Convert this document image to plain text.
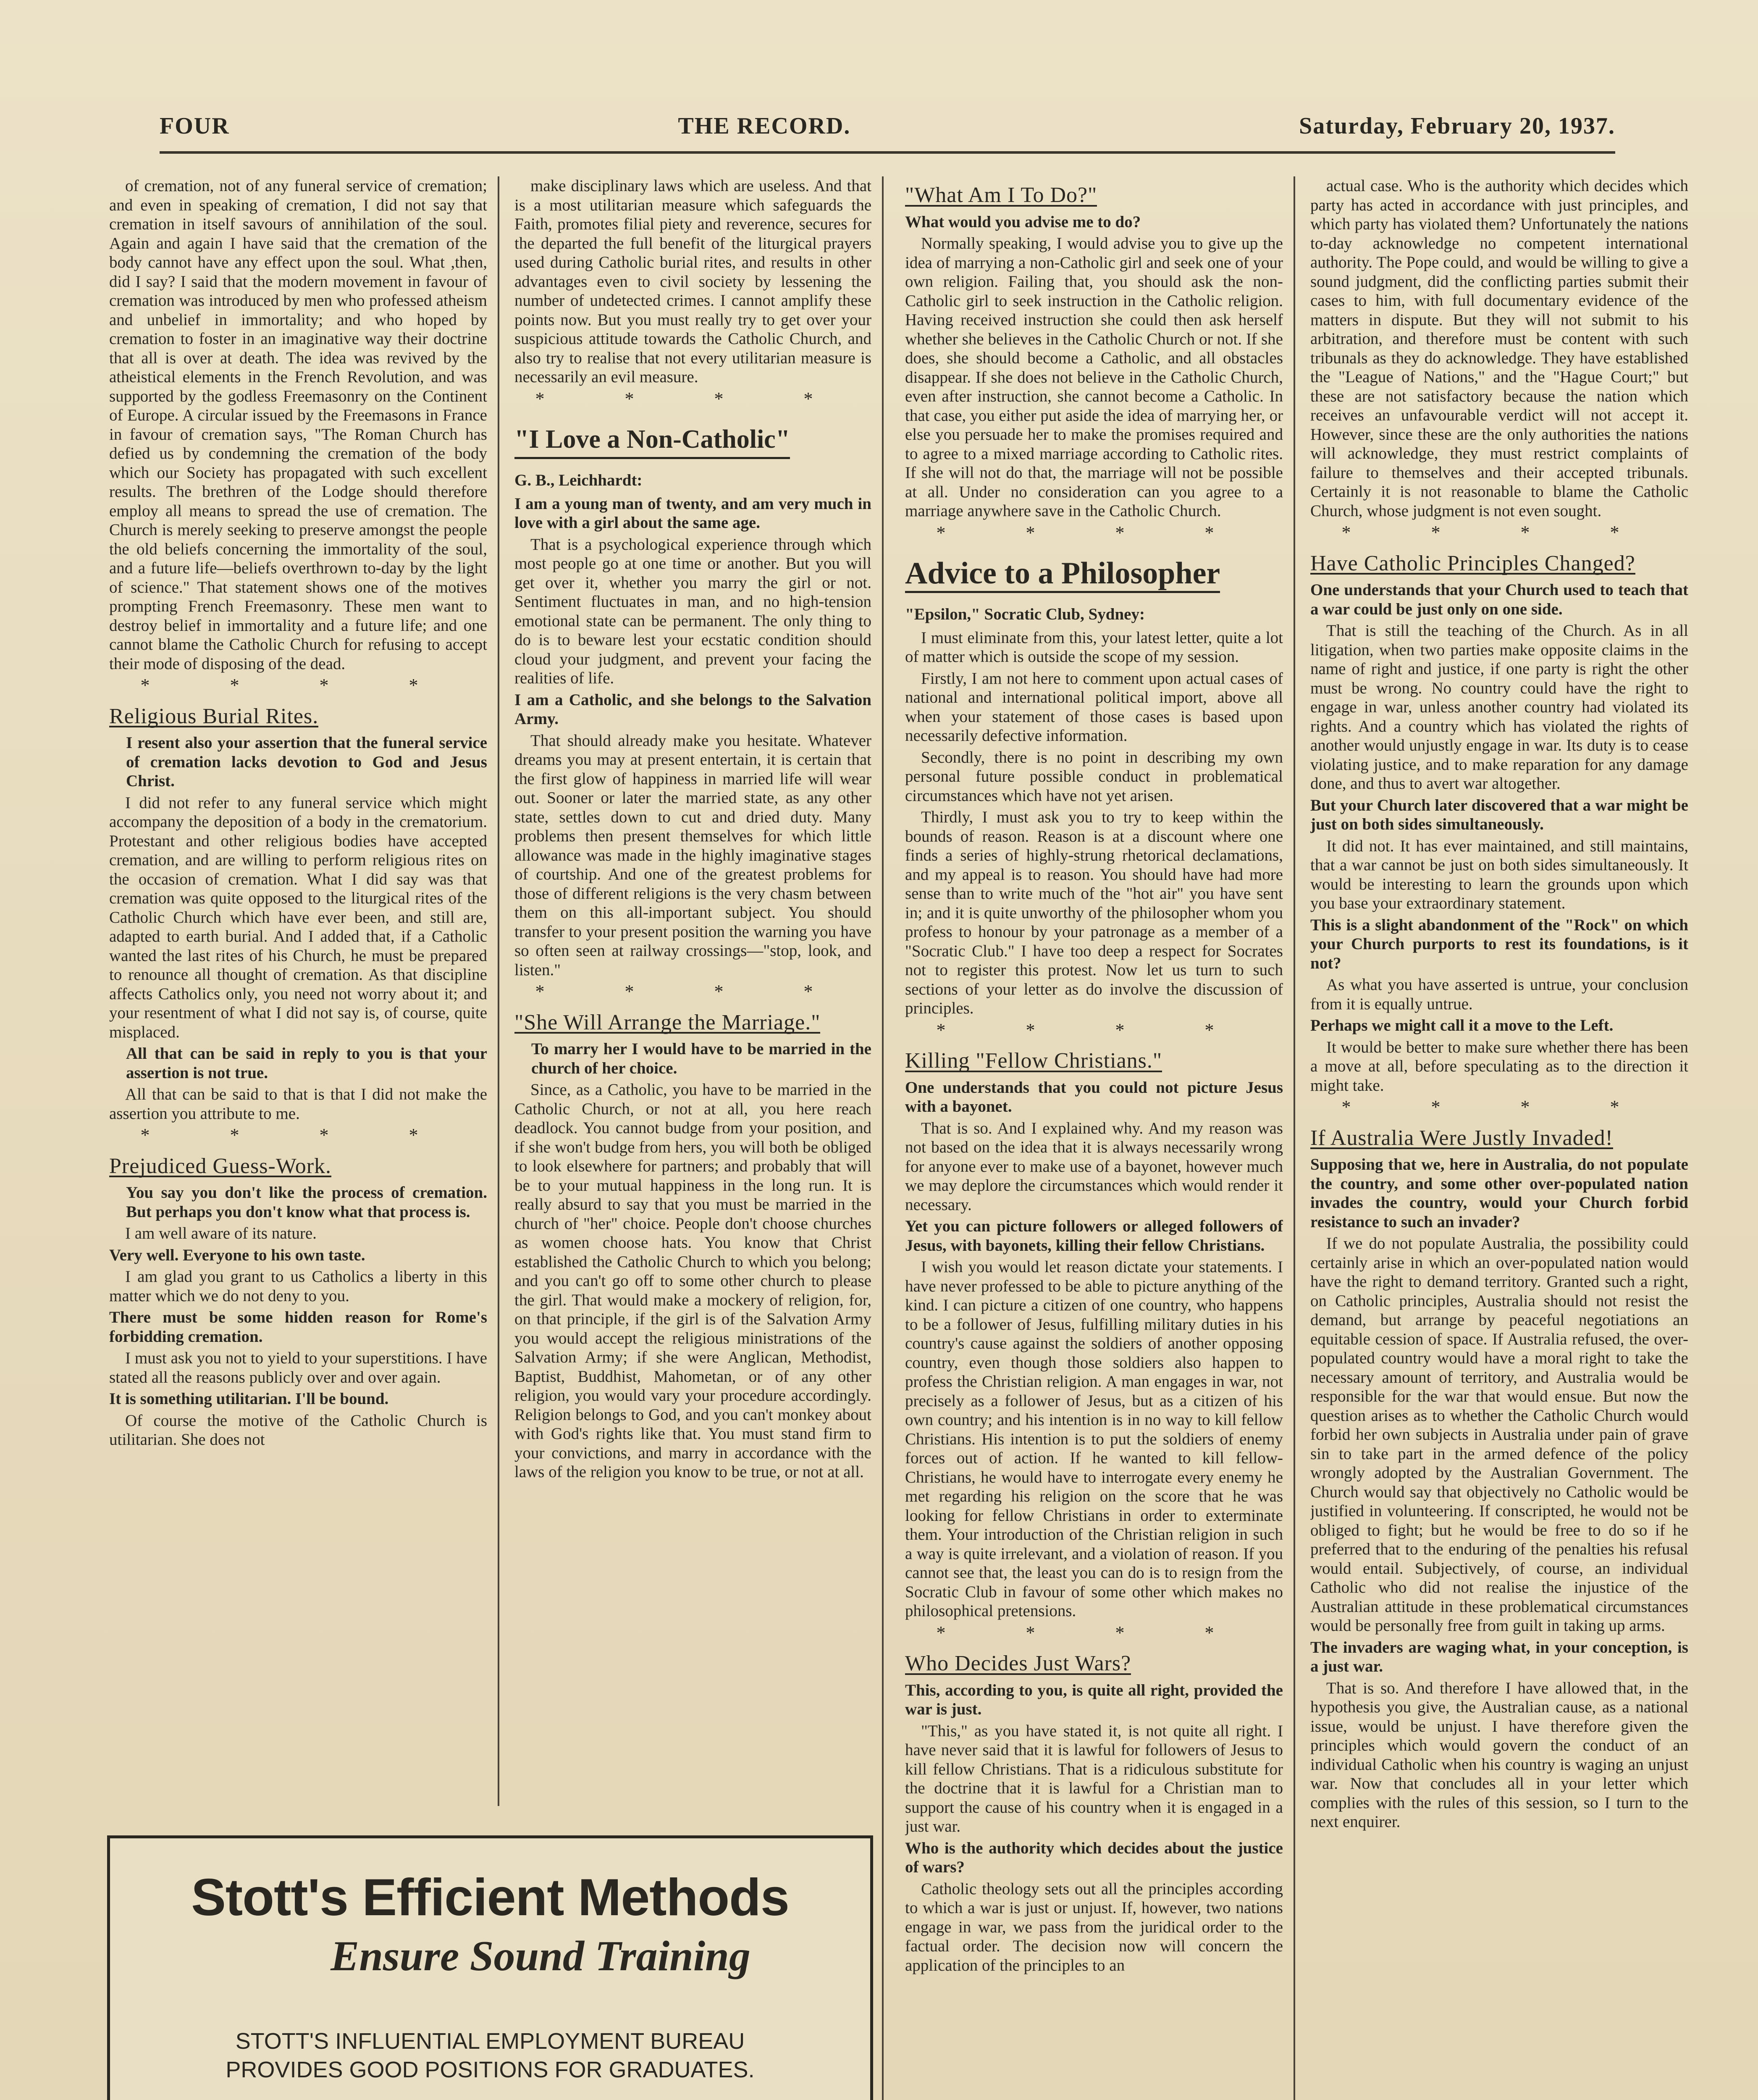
FOUR	THE RECORD.	Saturday, February 20, 1937.

of cremation, not of any funeral service of cremation; and even in speaking of cremation, I did not say that cremation in itself savours of annihilation of the soul. Again and again I have said that the cremation of the body cannot have any effect upon the soul. What ,then, did I say? I said that the modern movement in favour of cremation was introduced by men who professed atheism and unbelief in immortality; and who hoped by cremation to foster in an imaginative way their doctrine that all is over at death. The idea was revived by the atheistical elements in the French Revolution, and was supported by the godless Freemasonry on the Continent of Europe. A circular issued by the Freemasons in France in favour of cremation says, "The Roman Church has defied us by condemning the cremation of the body which our Society has propagated with such excellent results. The brethren of the Lodge should therefore employ all means to spread the use of cremation. The Church is merely seeking to preserve amongst the people the old beliefs concerning the immortality of the soul, and a future life—beliefs overthrown to-day by the light of science." That statement shows one of the motives prompting French Freemasonry. These men want to destroy belief in immortality and a future life; and one cannot blame the Catholic Church for refusing to accept their mode of disposing of the dead.

* * * *
Religious Burial Rites.

I resent also your assertion that the funeral service of cremation lacks devotion to God and Jesus Christ.

I did not refer to any funeral service which might accompany the deposition of a body in the crematorium. Protestant and other religious bodies have accepted cremation, and are willing to perform religious rites on the occasion of cremation. What I did say was that cremation was quite opposed to the liturgical rites of the Catholic Church which have ever been, and still are, adapted to earth burial. And I added that, if a Catholic wanted the last rites of his Church, he must be prepared to renounce all thought of cremation. As that discipline affects Catholics only, you need not worry about it; and your resentment of what I did not say is, of course, quite misplaced.

All that can be said in reply to you is that your assertion is not true.

All that can be said to that is that I did not make the assertion you attribute to me.

* * * *
Prejudiced Guess-Work.

You say you don't like the process of cremation. But perhaps you don't know what that process is.

I am well aware of its nature.

Very well. Everyone to his own taste.

I am glad you grant to us Catholics a liberty in this matter which we do not deny to you.

There must be some hidden reason for Rome's forbidding cremation.

I must ask you not to yield to your superstitions. I have stated all the reasons publicly over and over again.

It is something utilitarian. I'll be bound.

Of course the motive of the Catholic Church is utilitarian. She does not

make disciplinary laws which are useless. And that is a most utilitarian measure which safeguards the Faith, promotes filial piety and reverence, secures for the departed the full benefit of the liturgical prayers used during Catholic burial rites, and results in other advantages even to civil society by lessening the number of undetected crimes. I cannot amplify these points now. But you must really try to get over your suspicious attitude towards the Catholic Church, and also try to realise that not every utilitarian measure is necessarily an evil measure.

* * * *
"I Love a Non-Catholic"

G. B., Leichhardt:

I am a young man of twenty, and am very much in love with a girl about the same age.

That is a psychological experience through which most people go at one time or another. But you will get over it, whether you marry the girl or not. Sentiment fluctuates in man, and no high-tension emotional state can be permanent. The only thing to do is to beware lest your ecstatic condition should cloud your judgment, and prevent your facing the realities of life.

I am a Catholic, and she belongs to the Salvation Army.

That should already make you hesitate. Whatever dreams you may at present entertain, it is certain that the first glow of happiness in married life will wear out. Sooner or later the married state, as any other state, settles down to cut and dried duty. Many problems then present themselves for which little allowance was made in the highly imaginative stages of courtship. And one of the greatest problems for those of different religions is the very chasm between them on this all-important subject. You should transfer to your present position the warning you have so often seen at railway crossings—"stop, look, and listen."

* * * *
"She Will Arrange the Marriage."

To marry her I would have to be married in the church of her choice.

Since, as a Catholic, you have to be married in the Catholic Church, or not at all, you here reach deadlock. You cannot budge from your position, and if she won't budge from hers, you will both be obliged to look elsewhere for partners; and probably that will be to your mutual happiness in the long run. It is really absurd to say that you must be married in the church of "her" choice. People don't choose churches as women choose hats. You know that Christ established the Catholic Church to which you belong; and you can't go off to some other church to please the girl. That would make a mockery of religion, for, on that principle, if the girl is of the Salvation Army you would accept the religious ministrations of the Salvation Army; if she were Anglican, Methodist, Baptist, Buddhist, Mahometan, or of any other religion, you would vary your procedure accordingly. Religion belongs to God, and you can't monkey about with God's rights like that. You must stand firm to your convictions, and marry in accordance with the laws of the religion you know to be true, or not at all.

"What Am I To Do?"

What would you advise me to do?

Normally speaking, I would advise you to give up the idea of marrying a non-Catholic girl and seek one of your own religion. Failing that, you should ask the non-Catholic girl to seek instruction in the Catholic religion. Having received instruction she could then ask herself whether she believes in the Catholic Church or not. If she does, she should become a Catholic, and all obstacles disappear. If she does not believe in the Catholic Church, even after instruction, she cannot become a Catholic. In that case, you either put aside the idea of marrying her, or else you persuade her to make the promises required and to agree to a mixed marriage according to Catholic rites. If she will not do that, the marriage will not be possible at all. Under no consideration can you agree to a marriage anywhere save in the Catholic Church.

* * * *
Advice to a Philosopher

"Epsilon," Socratic Club, Sydney:

I must eliminate from this, your latest letter, quite a lot of matter which is outside the scope of my session.

Firstly, I am not here to comment upon actual cases of national and international political import, above all when your statement of those cases is based upon necessarily defective information.

Secondly, there is no point in describing my own personal future possible conduct in problematical circumstances which have not yet arisen.

Thirdly, I must ask you to try to keep within the bounds of reason. Reason is at a discount where one finds a series of highly-strung rhetorical declamations, and my appeal is to reason. You should have had more sense than to write much of the "hot air" you have sent in; and it is quite unworthy of the philosopher whom you profess to honour by your patronage as a member of a "Socratic Club." I have too deep a respect for Socrates not to register this protest. Now let us turn to such sections of your letter as do involve the discussion of principles.

* * * *
Killing "Fellow Christians."

One understands that you could not picture Jesus with a bayonet.

That is so. And I explained why. And my reason was not based on the idea that it is always necessarily wrong for anyone ever to make use of a bayonet, however much we may deplore the circumstances which would render it necessary.

Yet you can picture followers or alleged followers of Jesus, with bayonets, killing their fellow Christians.

I wish you would let reason dictate your statements. I have never professed to be able to picture anything of the kind. I can picture a citizen of one country, who happens to be a follower of Jesus, fulfilling military duties in his country's cause against the soldiers of another opposing country, even though those soldiers also happen to profess the Christian religion. A man engages in war, not precisely as a follower of Jesus, but as a citizen of his own country; and his intention is in no way to kill fellow Christians. His intention is to put the soldiers of enemy forces out of action. If he wanted to kill fellow-Christians, he would have to interrogate every enemy he met regarding his religion on the score that he was looking for fellow Christians in order to exterminate them. Your introduction of the Christian religion in such a way is quite irrelevant, and a violation of reason. If you cannot see that, the least you can do is to resign from the Socratic Club in favour of some other which makes no philosophical pretensions.

* * * *
Who Decides Just Wars?

This, according to you, is quite all right, provided the war is just.

"This," as you have stated it, is not quite all right. I have never said that it is lawful for followers of Jesus to kill fellow Christians. That is a ridiculous substitute for the doctrine that it is lawful for a Christian man to support the cause of his country when it is engaged in a just war.

Who is the authority which decides about the justice of wars?

Catholic theology sets out all the principles according to which a war is just or unjust. If, however, two nations engage in war, we pass from the juridical order to the factual order. The decision now will concern the application of the principles to an

actual case. Who is the authority which decides which party has acted in accordance with just principles, and which party has violated them? Unfortunately the nations to-day acknowledge no competent international authority. The Pope could, and would be willing to give a sound judgment, did the conflicting parties submit their cases to him, with full documentary evidence of the matters in dispute. But they will not submit to his arbitration, and therefore must be content with such tribunals as they do acknowledge. They have established the "League of Nations," and the "Hague Court;" but these are not satisfactory because the nation which receives an unfavourable verdict will not accept it. However, since these are the only authorities the nations will acknowledge, they must restrict complaints of failure to themselves and their accepted tribunals. Certainly it is not reasonable to blame the Catholic Church, whose judgment is not even sought.

* * * *
Have Catholic Principles Changed?

One understands that your Church used to teach that a war could be just only on one side.

That is still the teaching of the Church. As in all litigation, when two parties make opposite claims in the name of right and justice, if one party is right the other must be wrong. No country could have the right to engage in war, unless another country had violated its rights. And a country which has violated the rights of another would unjustly engage in war. Its duty is to cease violating justice, and to make reparation for any damage done, and thus to avert war altogether.

But your Church later discovered that a war might be just on both sides simultaneously.

It did not. It has ever maintained, and still maintains, that a war cannot be just on both sides simultaneously. It would be interesting to learn the grounds upon which you base your extraordinary statement.

This is a slight abandonment of the "Rock" on which your Church purports to rest its foundations, is it not?

As what you have asserted is untrue, your conclusion from it is equally untrue.

Perhaps we might call it a move to the Left.

It would be better to make sure whether there has been a move at all, before speculating as to the direction it might take.

* * * *
If Australia Were Justly Invaded!

Supposing that we, here in Australia, do not populate the country, and some other over-populated nation invades the country, would your Church forbid resistance to such an invader?

If we do not populate Australia, the possibility could certainly arise in which an over-populated nation would have the right to demand territory. Granted such a right, on Catholic principles, Australia should not resist the demand, but arrange by peaceful negotiations an equitable cession of space. If Australia refused, the over-populated country would have a moral right to take the necessary amount of territory, and Australia would be responsible for the war that would ensue. But now the question arises as to whether the Catholic Church would forbid her own subjects in Australia under pain of grave sin to take part in the armed defence of the policy wrongly adopted by the Australian Government. The Church would say that objectively no Catholic would be justified in volunteering. If conscripted, he would not be obliged to fight; but he would be free to do so if he preferred that to the enduring of the penalties his refusal would entail. Subjectively, of course, an individual Catholic who did not realise the injustice of the Australian attitude in these problematical circumstances would be personally free from guilt in taking up arms.

The invaders are waging what, in your conception, is a just war.

That is so. And therefore I have allowed that, in the hypothesis you give, the Australian cause, as a national issue, would be unjust. I have therefore given the principles which would govern the conduct of an individual Catholic when his country is waging an unjust war. Now that concludes all in your letter which complies with the rules of this session, so I turn to the next enquirer.

Stott's Efficient Methods
Ensure Sound Training
STOTT'S INFLUENTIAL EMPLOYMENT BUREAU
PROVIDES GOOD POSITIONS FOR GRADUATES.
